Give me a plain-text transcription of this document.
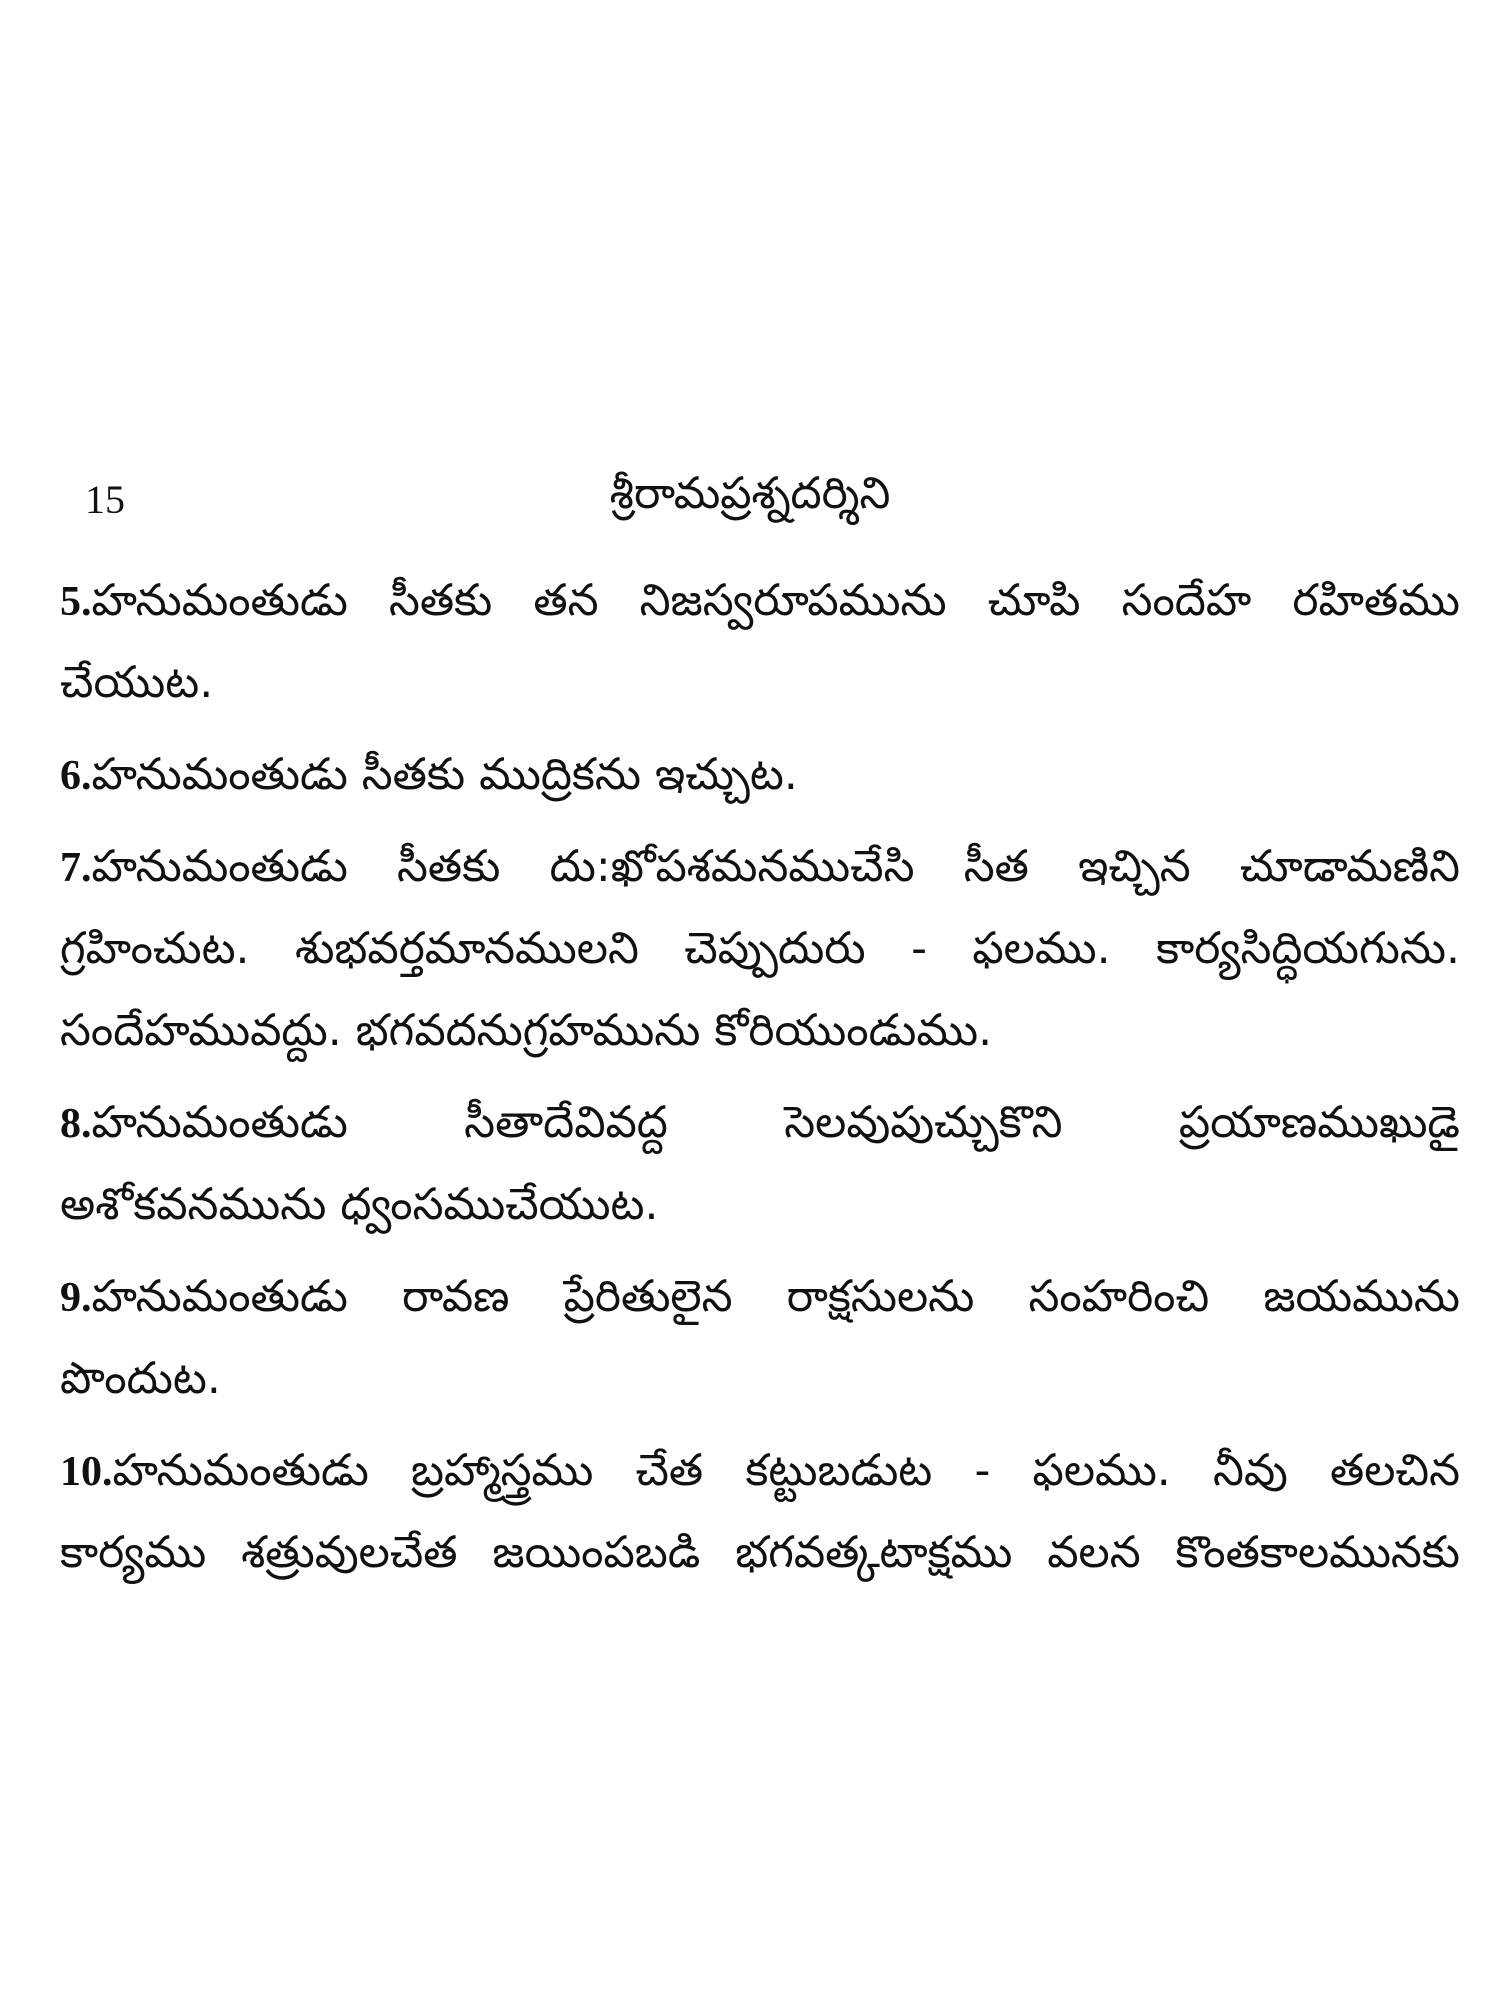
15	శ్రీరామప్రశ్నదర్శిని
5.హనుమంతుడు సీతకు తన నిజస్వరూపమును చూపి సందేహ రహితము
చేయుట.
6.హనుమంతుడు సీతకు ముద్రికను ఇచ్చుట.
7.హనుమంతుడు సీతకు దు:ఖోపశమనముచేసి సీత ఇచ్చిన చూడామణిని
గ్రహించుట. శుభవర్తమానములని చెప్పుదురు - ఫలము. కార్యసిద్ధియగును.
సందేహమువద్దు. భగవదనుగ్రహమును కోరియుండుము.
8.హనుమంతుడు సీతాదేవివద్ద సెలవుపుచ్చుకొని ప్రయాణముఖుడై
అశోకవనమును ధ్వంసముచేయుట.
9.హనుమంతుడు రావణ ప్రేరితులైన రాక్షసులను సంహరించి జయమును
పొందుట.
10.హనుమంతుడు బ్రహ్మాస్త్రము చేత కట్టుబడుట - ఫలము. నీవు తలచిన
కార్యము శత్రువులచేత జయింపబడి భగవత్కటాక్షము వలన కొంతకాలమునకు
